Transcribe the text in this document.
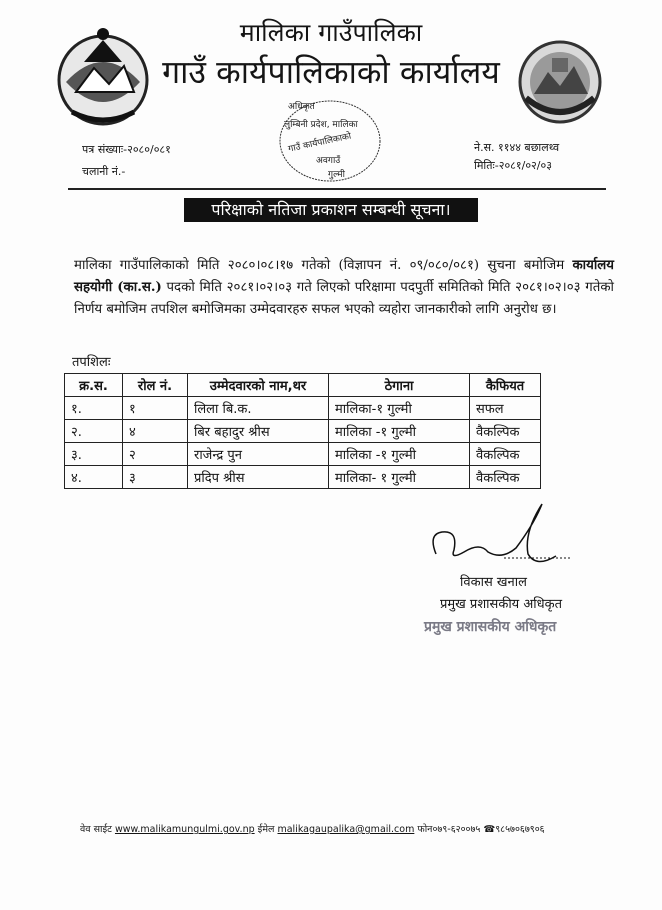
मालिका गाउँपालिका
गाउँ कार्यपालिकाको कार्यालय
अधिकृत
लुम्बिनी प्रदेश, मालिका
गाउँ कार्यपालिकाको
अवगाउँ
गुल्मी
पत्र संख्याः-२०८०/०८१
चलानी नं.-
ने.स. ११४४ बछालथ्व
मितिः-२०८१/०२/०३
परिक्षाको नतिजा प्रकाशन सम्बन्धी सूचना।
मालिका गाउँपालिकाको मिति २०८०।०८।१७ गतेको (विज्ञापन नं. ०९/०८०/०८१) सुचना बमोजिम कार्यालय सहयोगी (का.स.) पदको मिति २०८१।०२।०३ गते लिएको परिक्षामा पदपुर्ती समितिको मिति २०८१।०२।०३ गतेको निर्णय बमोजिम तपशिल बमोजिमका उम्मेदवारहरु सफल भएको व्यहोरा जानकारीको लागि अनुरोध छ।
तपशिलः
क्र.स.	रोल नं.	उम्मेदवारको नाम,थर	ठेगाना	कैफियत
१.	१	लिला बि.क.	मालिका-१ गुल्मी	सफल
२.	४	बिर बहादुर श्रीस	मालिका -१ गुल्मी	वैकल्पिक
३.	२	राजेन्द्र पुन	मालिका -१ गुल्मी	वैकल्पिक
४.	३	प्रदिप श्रीस	मालिका- १ गुल्मी	वैकल्पिक
विकास खनाल
प्रमुख प्रशासकीय अधिकृत
प्रमुख प्रशासकीय अधिकृत
वेव साईट www.malikamungulmi.gov.np ईमेल malikagaupalika@gmail.com फोन०७९-६२००७५ ☎९८५७०६७९०६
